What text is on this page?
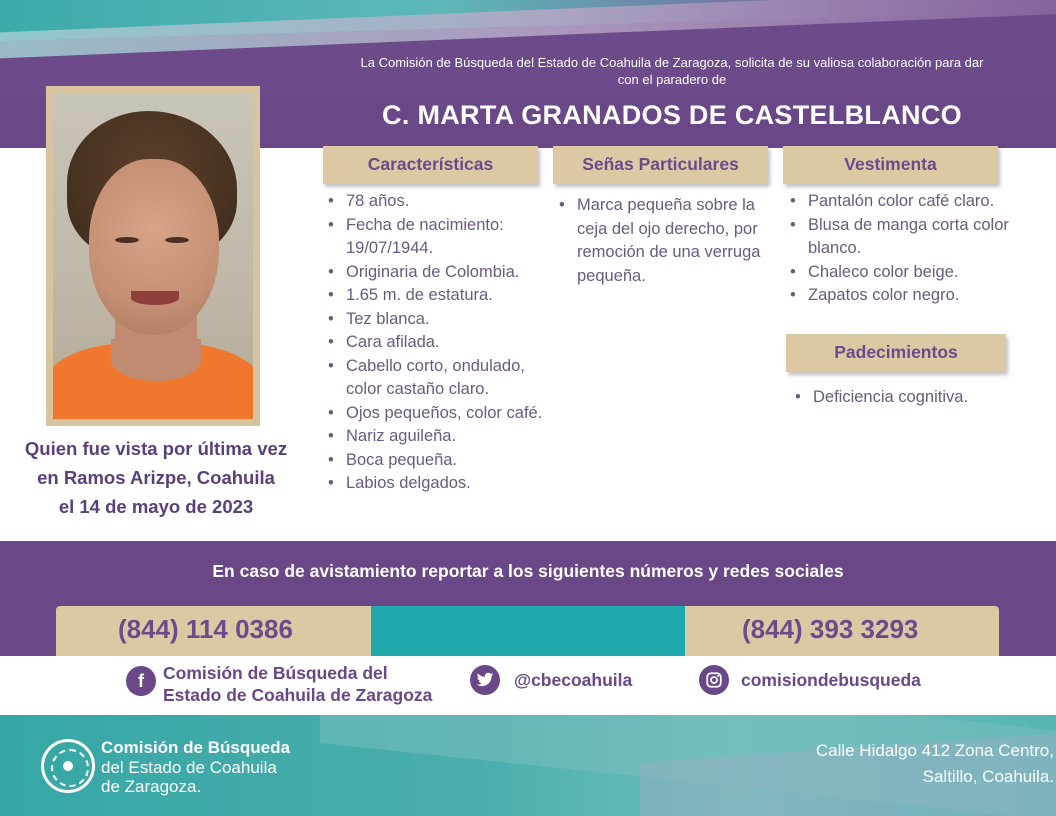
La Comisión de Búsqueda del Estado de Coahuila de Zaragoza, solicita de su valiosa colaboración para dar con el paradero de
C. MARTA GRANADOS DE CASTELBLANCO
Quien fue vista por última vez
en Ramos Arizpe, Coahuila
el 14 de mayo de 2023
Características	Señas Particulares	Vestimenta
Padecimientos
• 78 años.
• Fecha de nacimiento: 19/07/1944.
• Originaria de Colombia.
• 1.65 m. de estatura.
• Tez blanca.
• Cara afilada.
• Cabello corto, ondulado, color castaño claro.
• Ojos pequeños, color café.
• Nariz aguileña.
• Boca pequeña.
• Labios delgados.
• Marca pequeña sobre la ceja del ojo derecho, por remoción de una verruga pequeña.
• Pantalón color café claro.
• Blusa de manga corta color blanco.
• Chaleco color beige.
• Zapatos color negro.
• Deficiencia cognitiva.
En caso de avistamiento reportar a los siguientes números y redes sociales
(844) 114 0386	(844) 393 3293
f	Comisión de Búsqueda del
Estado de Coahuila de Zaragoza
@cbecoahuila	comisiondebusqueda
Comisión de Búsqueda
del Estado de Coahuila
de Zaragoza.
Calle Hidalgo 412 Zona Centro,
Saltillo, Coahuila.
